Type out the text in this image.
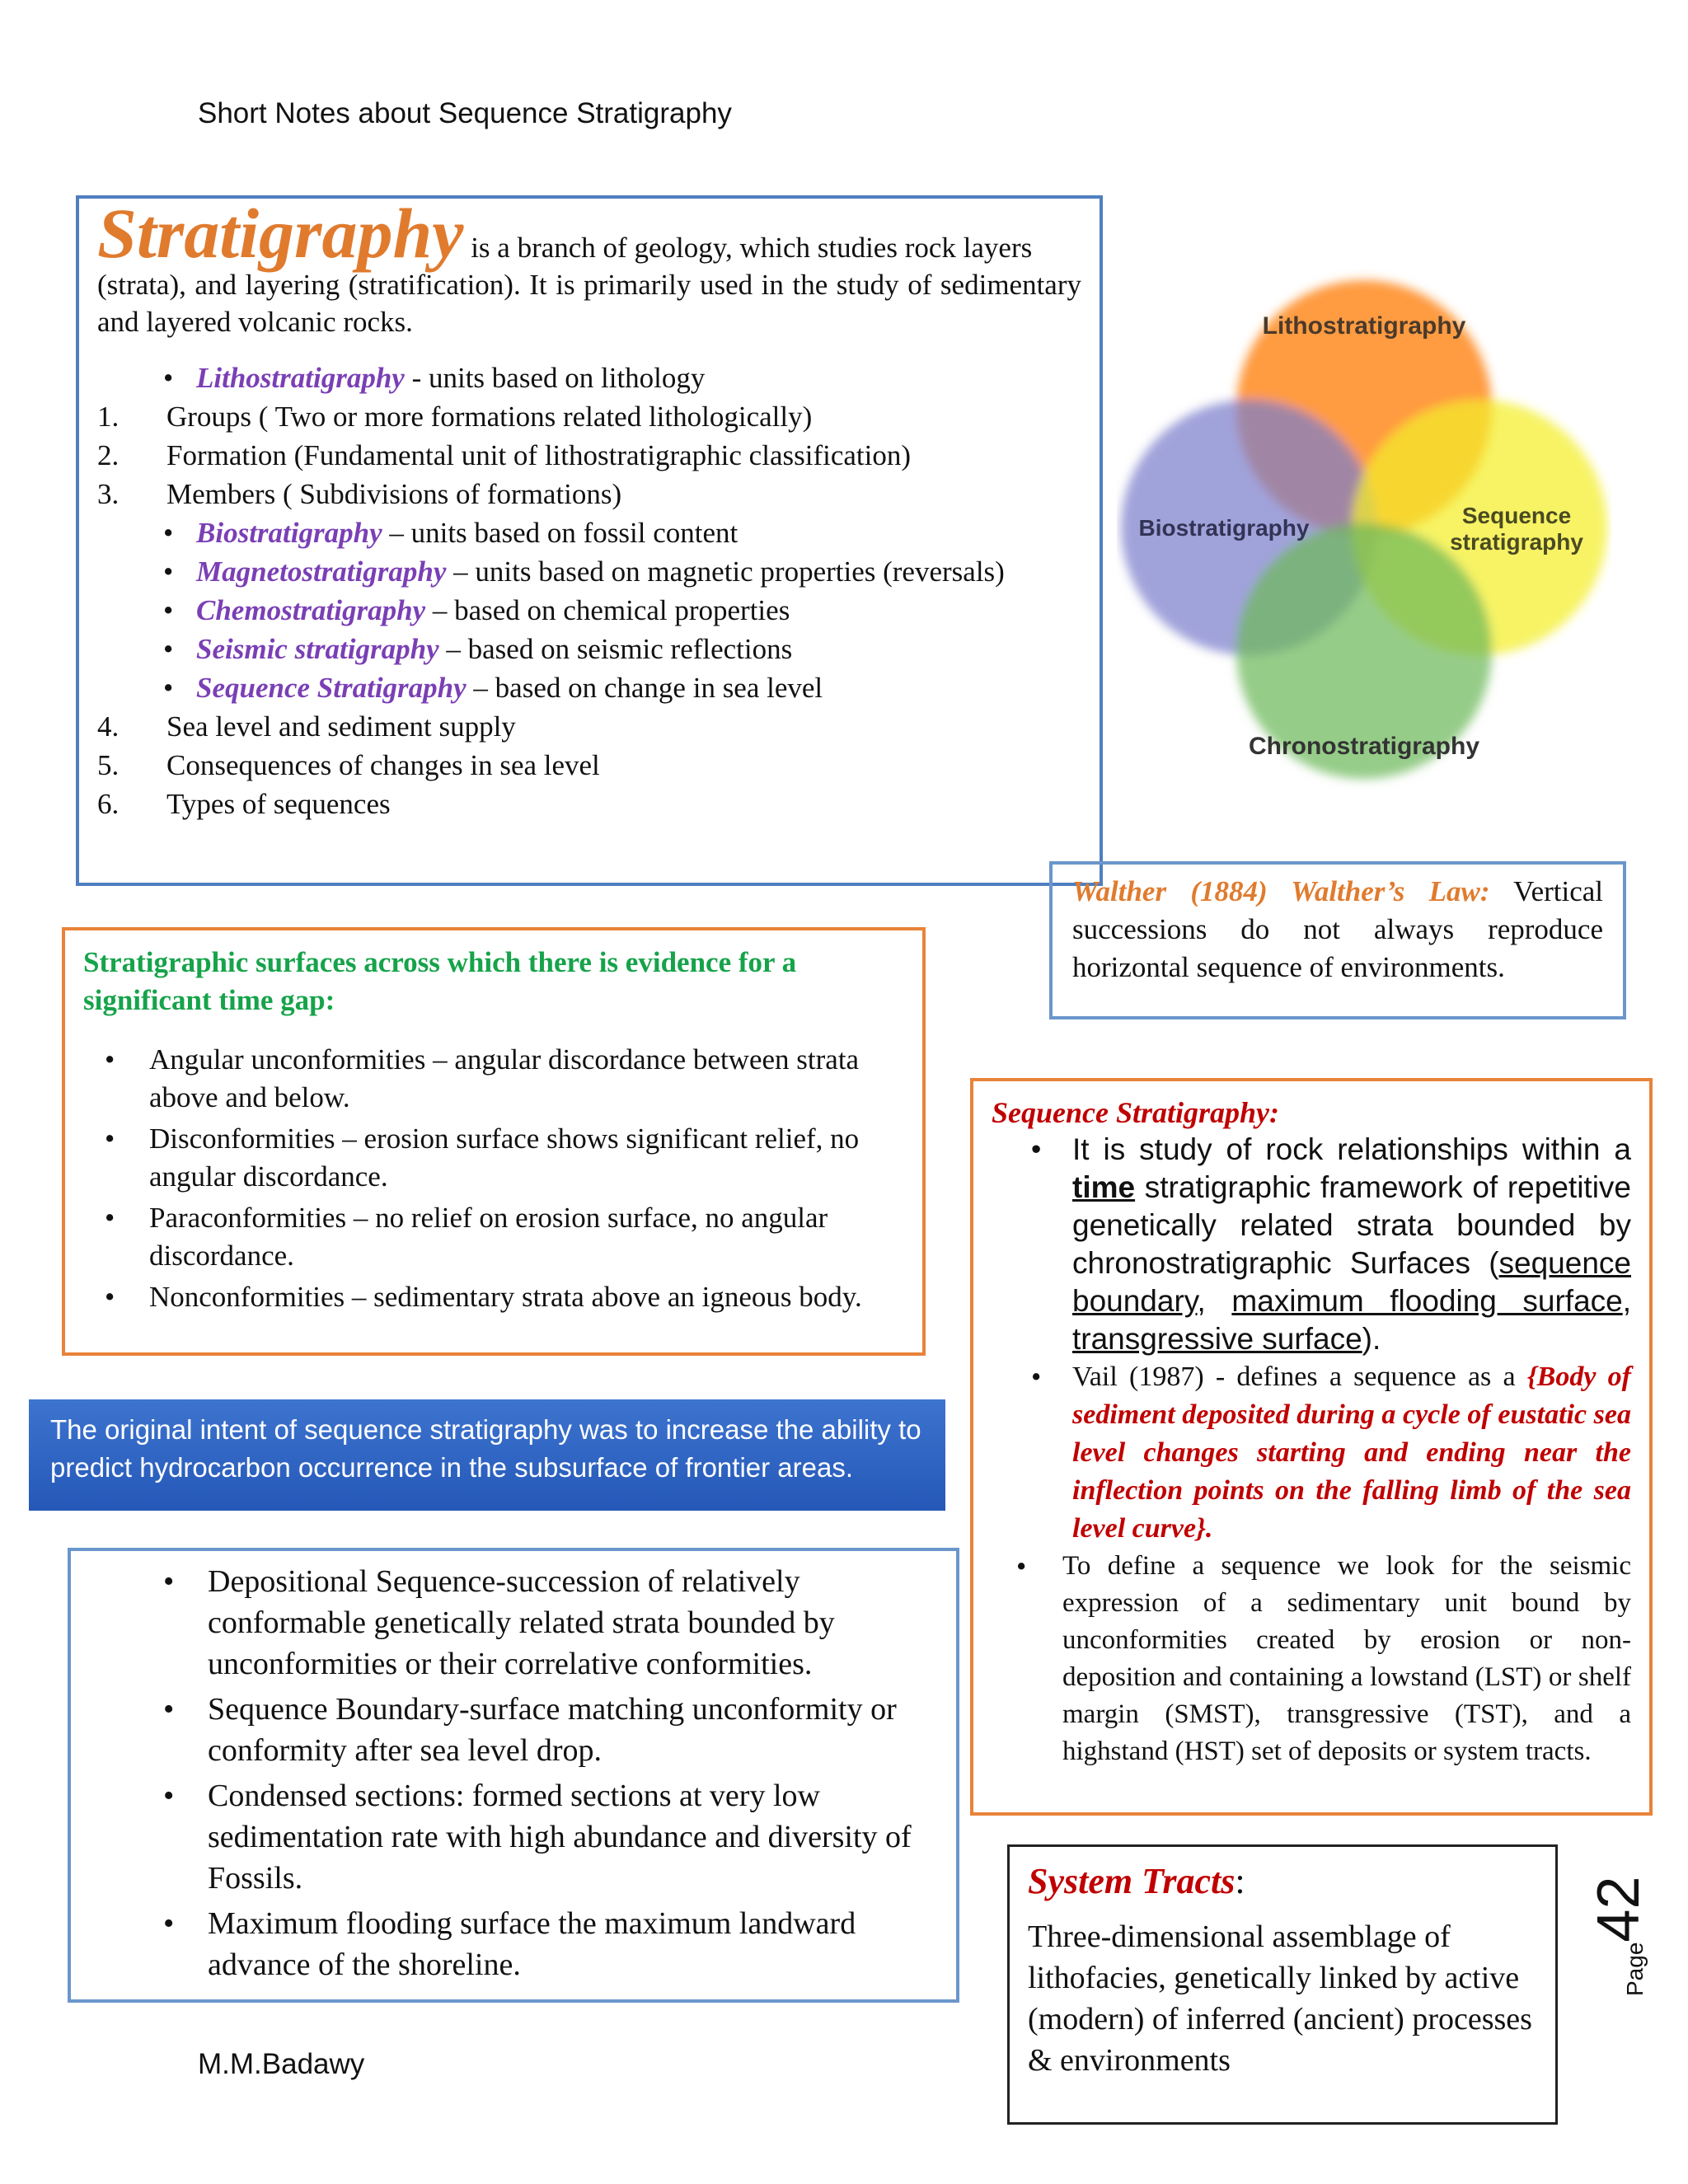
Short Notes about Sequence Stratigraphy
Stratigraphy is a branch of geology, which studies rock layers
(strata), and layering (stratification). It is primarily used in the study of sedimentary and layered volcanic rocks.
• Lithostratigraphy - units based on lithology
1. Groups ( Two or more formations related lithologically)
2. Formation (Fundamental unit of lithostratigraphic classification)
3. Members ( Subdivisions of formations)
• Biostratigraphy – units based on fossil content
• Magnetostratigraphy – units based on magnetic properties (reversals)
• Chemostratigraphy – based on chemical properties
• Seismic stratigraphy – based on seismic reflections
• Sequence Stratigraphy – based on change in sea level
4. Sea level and sediment supply
5. Consequences of changes in sea level
6. Types of sequences
Lithostratigraphy
Biostratigraphy	Sequence
stratigraphy
Chronostratigraphy
Walther (1884) Walther’s Law: Vertical successions do not always reproduce horizontal sequence of environments.
Stratigraphic surfaces across which there is evidence for a significant time gap:
• Angular unconformities – angular discordance between strata above and below.
• Disconformities – erosion surface shows significant relief, no angular discordance.
• Paraconformities – no relief on erosion surface, no angular discordance.
• Nonconformities – sedimentary strata above an igneous body.
The original intent of sequence stratigraphy was to increase the ability to predict hydrocarbon occurrence in the subsurface of frontier areas.
• Depositional Sequence-succession of relatively conformable genetically related strata bounded by unconformities or their correlative conformities.
• Sequence Boundary-surface matching unconformity or conformity after sea level drop.
• Condensed sections: formed sections at very low sedimentation rate with high abundance and diversity of Fossils.
• Maximum flooding surface the maximum landward advance of the shoreline.
Sequence Stratigraphy:
• It is study of rock relationships within a time stratigraphic framework of repetitive genetically related strata bounded by chronostratigraphic Surfaces (sequence boundary, maximum flooding surface, transgressive surface).
• Vail (1987) - defines a sequence as a {Body of sediment deposited during a cycle of eustatic sea level changes starting and ending near the inflection points on the falling limb of the sea level curve}.
• To define a sequence we look for the seismic expression of a sedimentary unit bound by unconformities created by erosion or non-deposition and containing a lowstand (LST) or shelf margin (SMST), transgressive (TST), and a highstand (HST) set of deposits or system tracts.
System Tracts:
Three-dimensional assemblage of lithofacies, genetically linked by active (modern) of inferred (ancient) processes & environments
Page
42
M.M.Badawy
